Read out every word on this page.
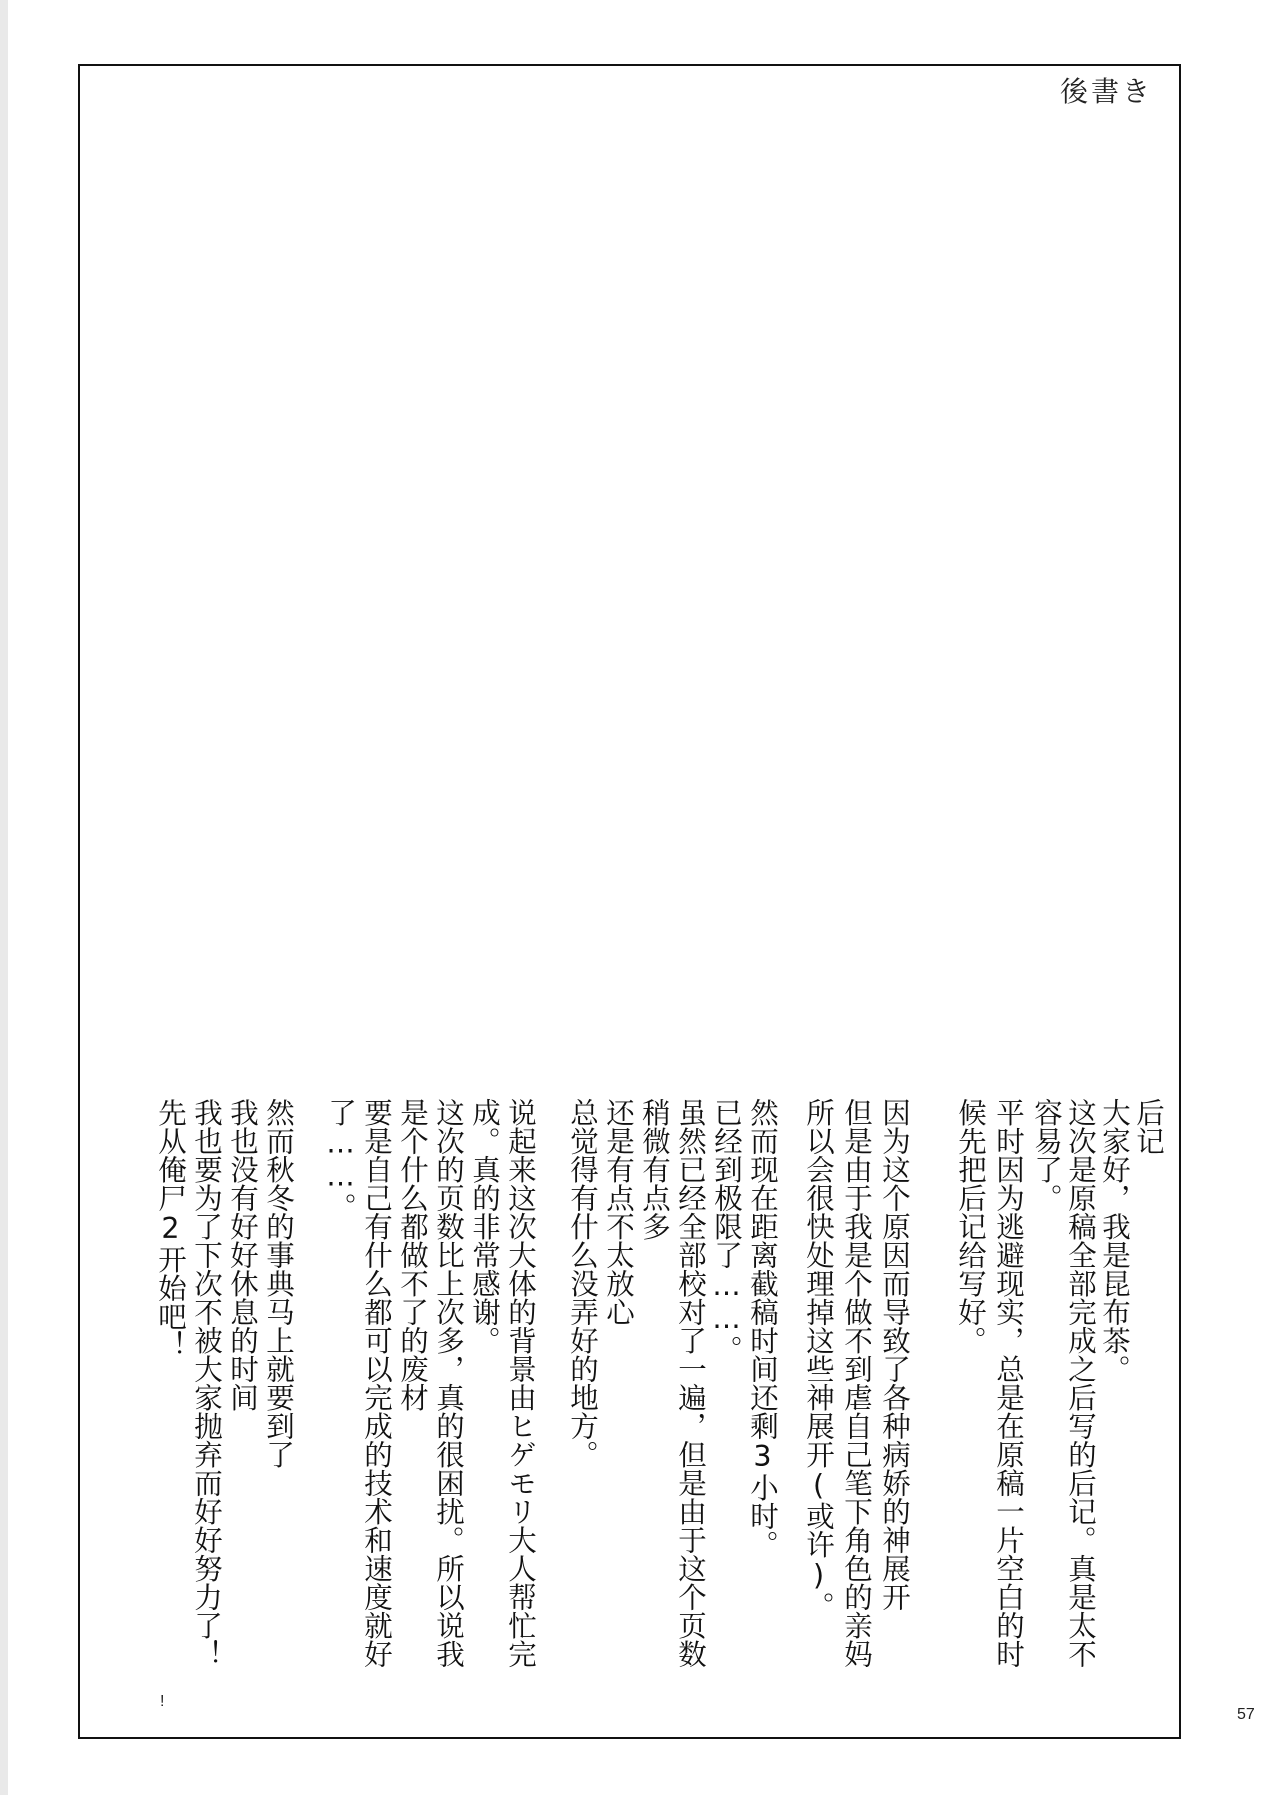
後書き
后记
大家好，我是昆布茶。
这次是原稿全部完成之后写的后记。真是太不
容易了。
平时因为逃避现实，总是在原稿一片空白的时
候先把后记给写好。
因为这个原因而导致了各种病娇的神展开
但是由于我是个做不到虐自己笔下角色的亲妈
所以会很快处理掉这些神展开(或许)。
然而现在距离截稿时间还剩3小时。
已经到极限了……。
虽然已经全部校对了一遍，但是由于这个页数
稍微有点多
还是有点不太放心
总觉得有什么没弄好的地方。
说起来这次大体的背景由ヒゲモリ大人帮忙完
成。真的非常感谢。
这次的页数比上次多，真的很困扰。所以说我
是个什么都做不了的废材
要是自己有什么都可以完成的技术和速度就好
了……。
然而秋冬的事典马上就要到了
我也没有好好休息的时间
我也要为了下次不被大家抛弃而好好努力了！
先从俺尸2开始吧！
!
57
